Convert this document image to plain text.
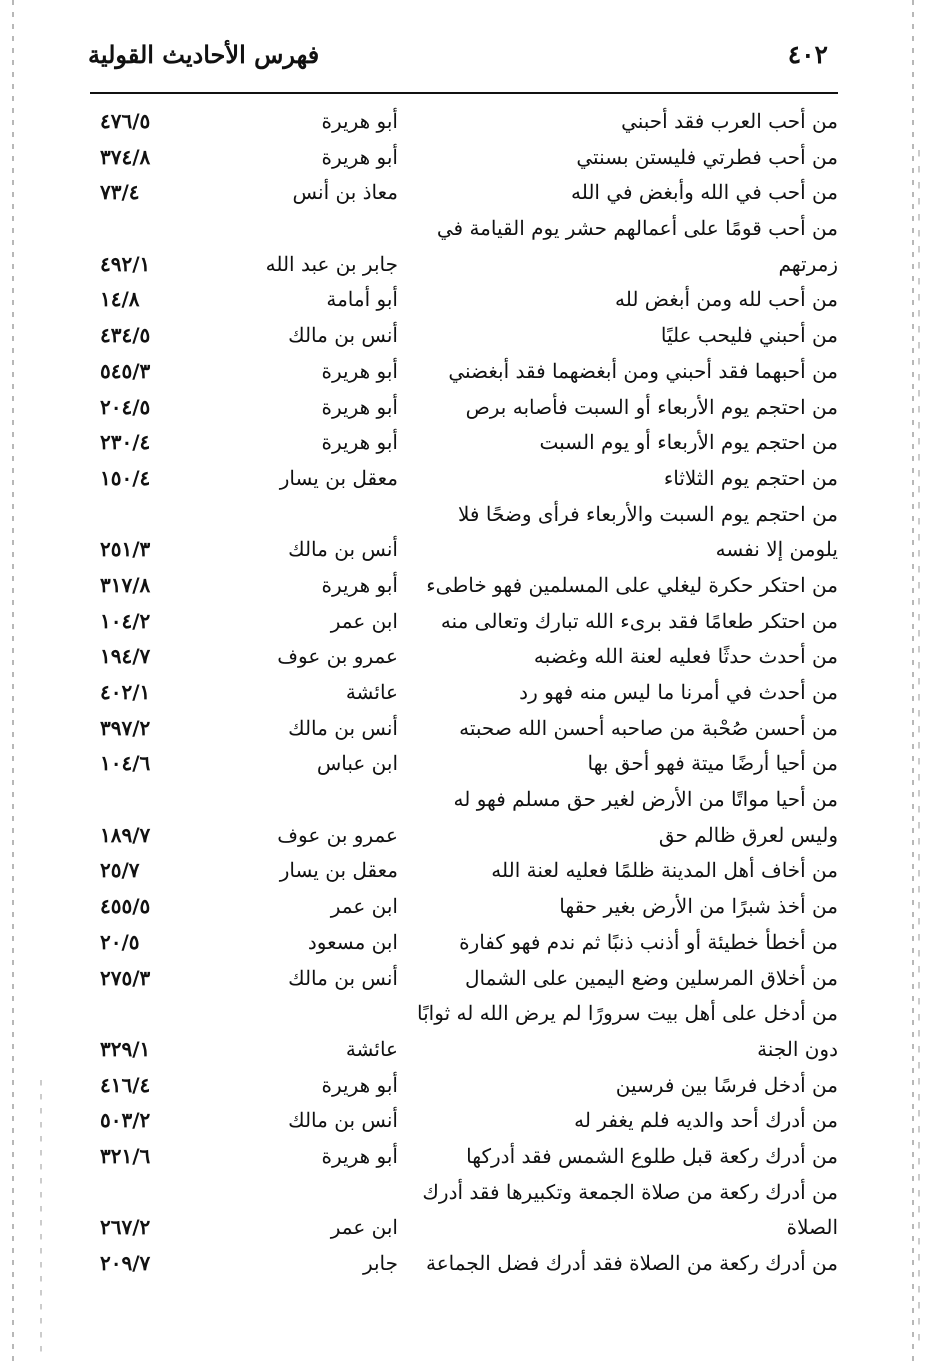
٤٠٢
فهرس الأحاديث القولية
من أحب العرب فقد أحبني
أبو هريرة
٤٧٦/٥
من أحب فطرتي فليستن بسنتي
أبو هريرة
٣٧٤/٨
من أحب في الله وأبغض في الله
معاذ بن أنس
٧٣/٤
من أحب قومًا على أعمالهم حشر يوم القيامة في
زمرتهم
جابر بن عبد الله
٤٩٢/١
من أحب لله ومن أبغض لله
أبو أمامة
١٤/٨
من أحبني فليحب عليًا
أنس بن مالك
٤٣٤/٥
من أحبهما فقد أحبني ومن أبغضهما فقد أبغضني
أبو هريرة
٥٤٥/٣
من احتجم يوم الأربعاء أو السبت فأصابه برص
أبو هريرة
٢٠٤/٥
من احتجم يوم الأربعاء أو يوم السبت
أبو هريرة
٢٣٠/٤
من احتجم يوم الثلاثاء
معقل بن يسار
١٥٠/٤
من احتجم يوم السبت والأربعاء فرأى وضحًا فلا
يلومن إلا نفسه
أنس بن مالك
٢٥١/٣
من احتكر حكرة ليغلي على المسلمين فهو خاطىء
أبو هريرة
٣١٧/٨
من احتكر طعامًا فقد برىء الله تبارك وتعالى منه
ابن عمر
١٠٤/٢
من أحدث حدثًا فعليه لعنة الله وغضبه
عمرو بن عوف
١٩٤/٧
من أحدث في أمرنا ما ليس منه فهو رد
عائشة
٤٠٢/١
من أحسن صُحْبة من صاحبه أحسن الله صحبته
أنس بن مالك
٣٩٧/٢
من أحيا أرضًا ميتة فهو أحق بها
ابن عباس
١٠٤/٦
من أحيا مواتًا من الأرض لغير حق مسلم فهو له
وليس لعرق ظالم حق
عمرو بن عوف
١٨٩/٧
من أخاف أهل المدينة ظلمًا فعليه لعنة الله
معقل بن يسار
٢٥/٧
من أخذ شبرًا من الأرض بغير حقها
ابن عمر
٤٥٥/٥
من أخطأ خطيئة أو أذنب ذنبًا ثم ندم فهو كفارة
ابن مسعود
٢٠/٥
من أخلاق المرسلين وضع اليمين على الشمال
أنس بن مالك
٢٧٥/٣
من أدخل على أهل بيت سرورًا لم يرض الله له ثوابًا
دون الجنة
عائشة
٣٢٩/١
من أدخل فرسًا بين فرسين
أبو هريرة
٤١٦/٤
من أدرك أحد والديه فلم يغفر له
أنس بن مالك
٥٠٣/٢
من أدرك ركعة قبل طلوع الشمس فقد أدركها
أبو هريرة
٣٢١/٦
من أدرك ركعة من صلاة الجمعة وتكبيرها فقد أدرك
الصلاة
ابن عمر
٢٦٧/٢
من أدرك ركعة من الصلاة فقد أدرك فضل الجماعة
جابر
٢٠٩/٧
